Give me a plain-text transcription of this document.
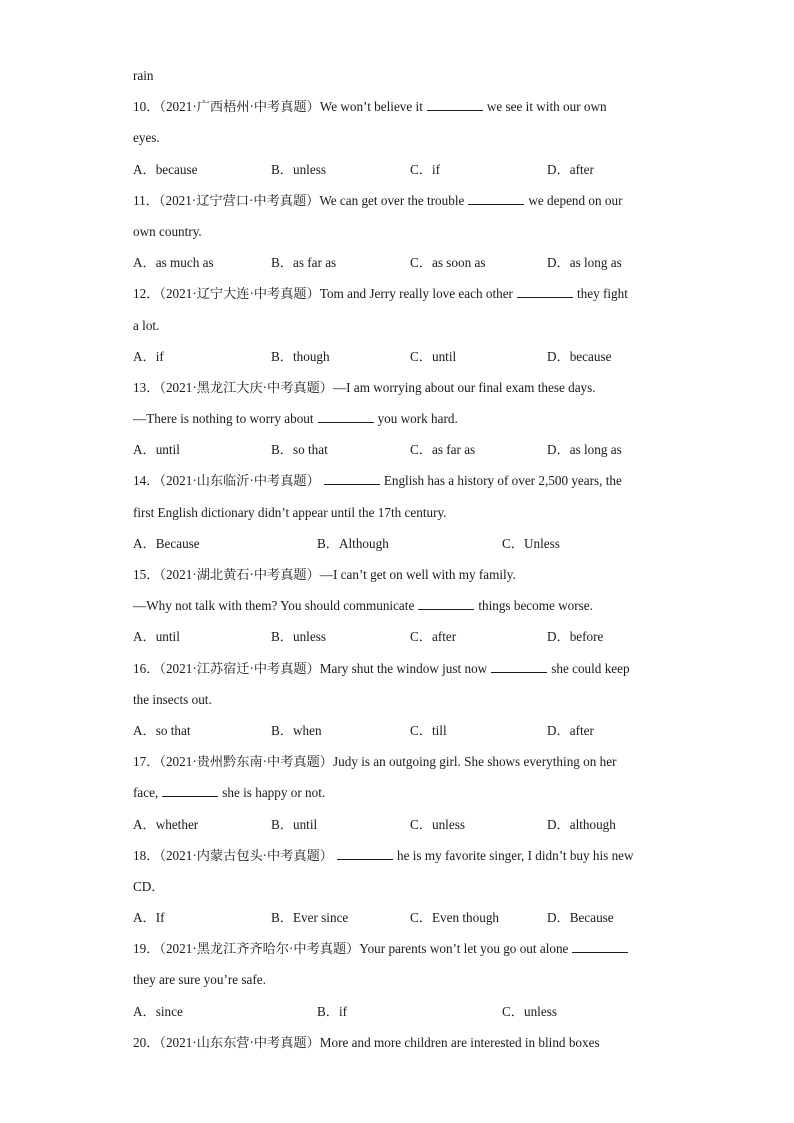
rain
10．（2021·广西梧州·中考真题）We won’t believe it	we see it with our own
eyes.
A．because	B．unless	C．if	D．after
11．（2021·辽宁营口·中考真题）We can get over the trouble	we depend on our
own country.
A．as much as	B．as far as	C．as soon as	D．as long as
12．（2021·辽宁大连·中考真题）Tom and Jerry really love each other	they fight
a lot.
A．if	B．though	C．until	D．because
13．（2021·黑龙江大庆·中考真题）—I am worrying about our final exam these days.
—There is nothing to worry about	you work hard.
A．until	B．so that	C．as far as	D．as long as
14．（2021·山东临沂·中考真题）	English has a history of over 2,500 years, the
first English dictionary didn’t appear until the 17th century.
A．Because	B．Although	C．Unless
15．（2021·湖北黄石·中考真题）—I can’t get on well with my family.
—Why not talk with them? You should communicate	things become worse.
A．until	B．unless	C．after	D．before
16．（2021·江苏宿迁·中考真题）Mary shut the window just now	she could keep
the insects out.
A．so that	B．when	C．till	D．after
17．（2021·贵州黔东南·中考真题）Judy is an outgoing girl. She shows everything on her
face,	she is happy or not.
A．whether	B．until	C．unless	D．although
18．（2021·内蒙古包头·中考真题）	he is my favorite singer, I didn’t buy his new
CD．
A．If	B．Ever since	C．Even though	D．Because
19．（2021·黑龙江齐齐哈尔·中考真题）Your parents won’t let you go out alone
they are sure you’re safe.
A．since	B．if	C．unless
20．（2021·山东东营·中考真题）More and more children are interested in blind boxes
